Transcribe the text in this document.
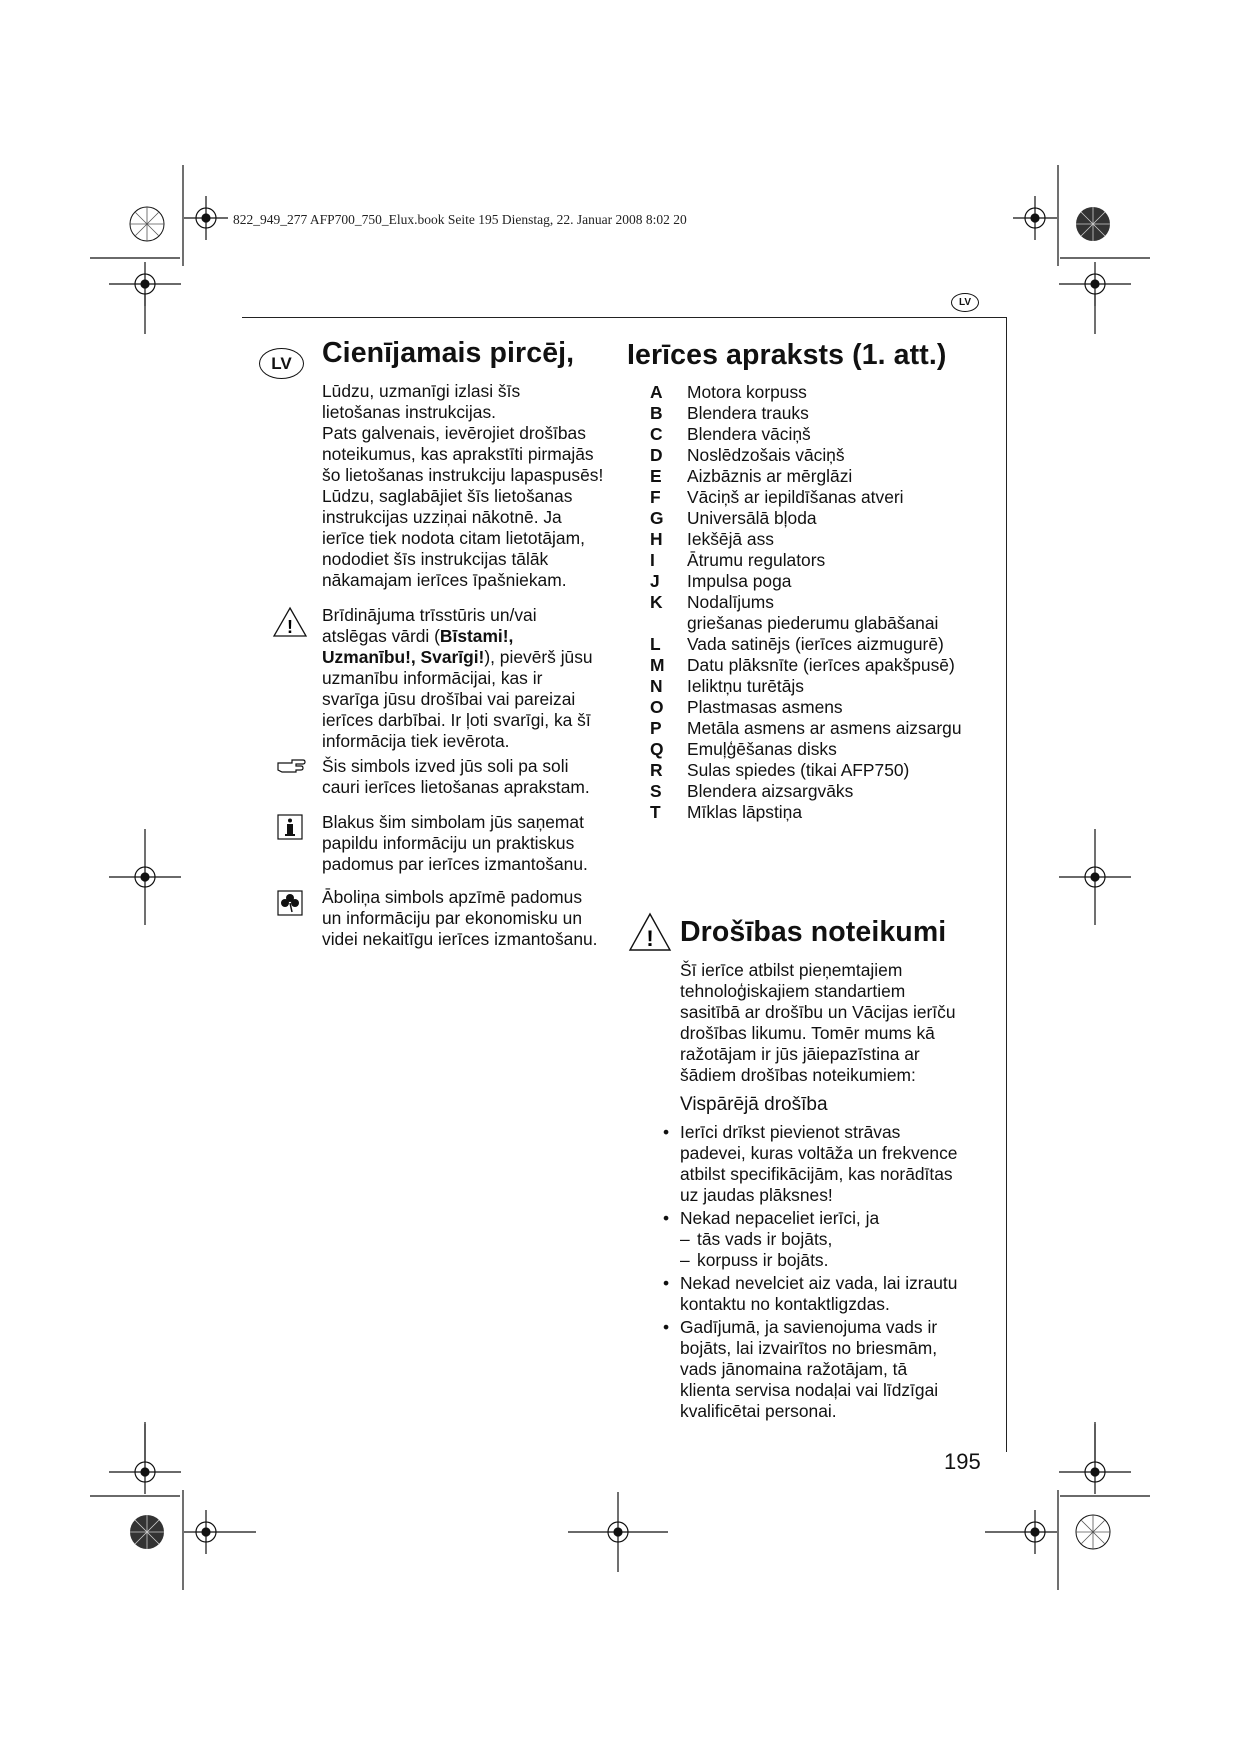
822_949_277 AFP700_750_Elux.book Seite 195 Dienstag, 22. Januar 2008 8:02 20
LV
LV	Cienījamais pircēj,
Lūdzu, uzmanīgi izlasi šīs
lietošanas instrukcijas.
Pats galvenais, ievērojiet drošības
noteikumus, kas aprakstīti pirmajās
šo lietošanas instrukciju lapaspusēs!
Lūdzu, saglabājiet šīs lietošanas
instrukcijas uzziņai nākotnē. Ja
ierīce tiek nodota citam lietotājam,
nododiet šīs instrukcijas tālāk
nākamajam ierīces īpašniekam.
!
Brīdinājuma trīsstūris un/vai
atslēgas vārdi (Bīstami!,
Uzmanību!, Svarīgi!), pievērš jūsu
uzmanību informācijai, kas ir
svarīga jūsu drošībai vai pareizai
ierīces darbībai. Ir ļoti svarīgi, ka šī
informācija tiek ievērota.
Šis simbols izved jūs soli pa soli
cauri ierīces lietošanas aprakstam.
Blakus šim simbolam jūs saņemat
papildu informāciju un praktiskus
padomus par ierīces izmantošanu.
Āboliņa simbols apzīmē padomus
un informāciju par ekonomisku un
videi nekaitīgu ierīces izmantošanu.
Ierīces apraksts (1. att.)
A	Motora korpuss
B	Blendera trauks
C	Blendera vāciņš
D	Noslēdzošais vāciņš
E	Aizbāznis ar mērglāzi
F	Vāciņš ar iepildīšanas atveri
G	Universālā bļoda
H	Iekšējā ass
I	Ātrumu regulators
J	Impulsa poga
K	Nodalījums
griešanas piederumu glabāšanai
L	Vada satinējs (ierīces aizmugurē)
M	Datu plāksnīte (ierīces apakšpusē)
N	Ieliktņu turētājs
O	Plastmasas asmens
P	Metāla asmens ar asmens aizsargu
Q	Emuļģēšanas disks
R	Sulas spiedes (tikai AFP750)
S	Blendera aizsargvāks
T	Mīklas lāpstiņa
! Drošības noteikumi
Šī ierīce atbilst pieņemtajiem
tehnoloģiskajiem standartiem
sasitībā ar drošību un Vācijas ierīču
drošības likumu. Tomēr mums kā
ražotājam ir jūs jāiepazīstina ar
šādiem drošības noteikumiem:
Vispārējā drošība
• Ierīci drīkst pievienot strāvas
padevei, kuras voltāža un frekvence
atbilst specifikācijām, kas norādītas
uz jaudas plāksnes!
• Nekad nepaceliet ierīci, ja
– tās vads ir bojāts,
– korpuss ir bojāts.
• Nekad nevelciet aiz vada, lai izrautu
kontaktu no kontaktligzdas.
• Gadījumā, ja savienojuma vads ir
bojāts, lai izvairītos no briesmām,
vads jānomaina ražotājam, tā
klienta servisa nodaļai vai līdzīgai
kvalificētai personai.
195
